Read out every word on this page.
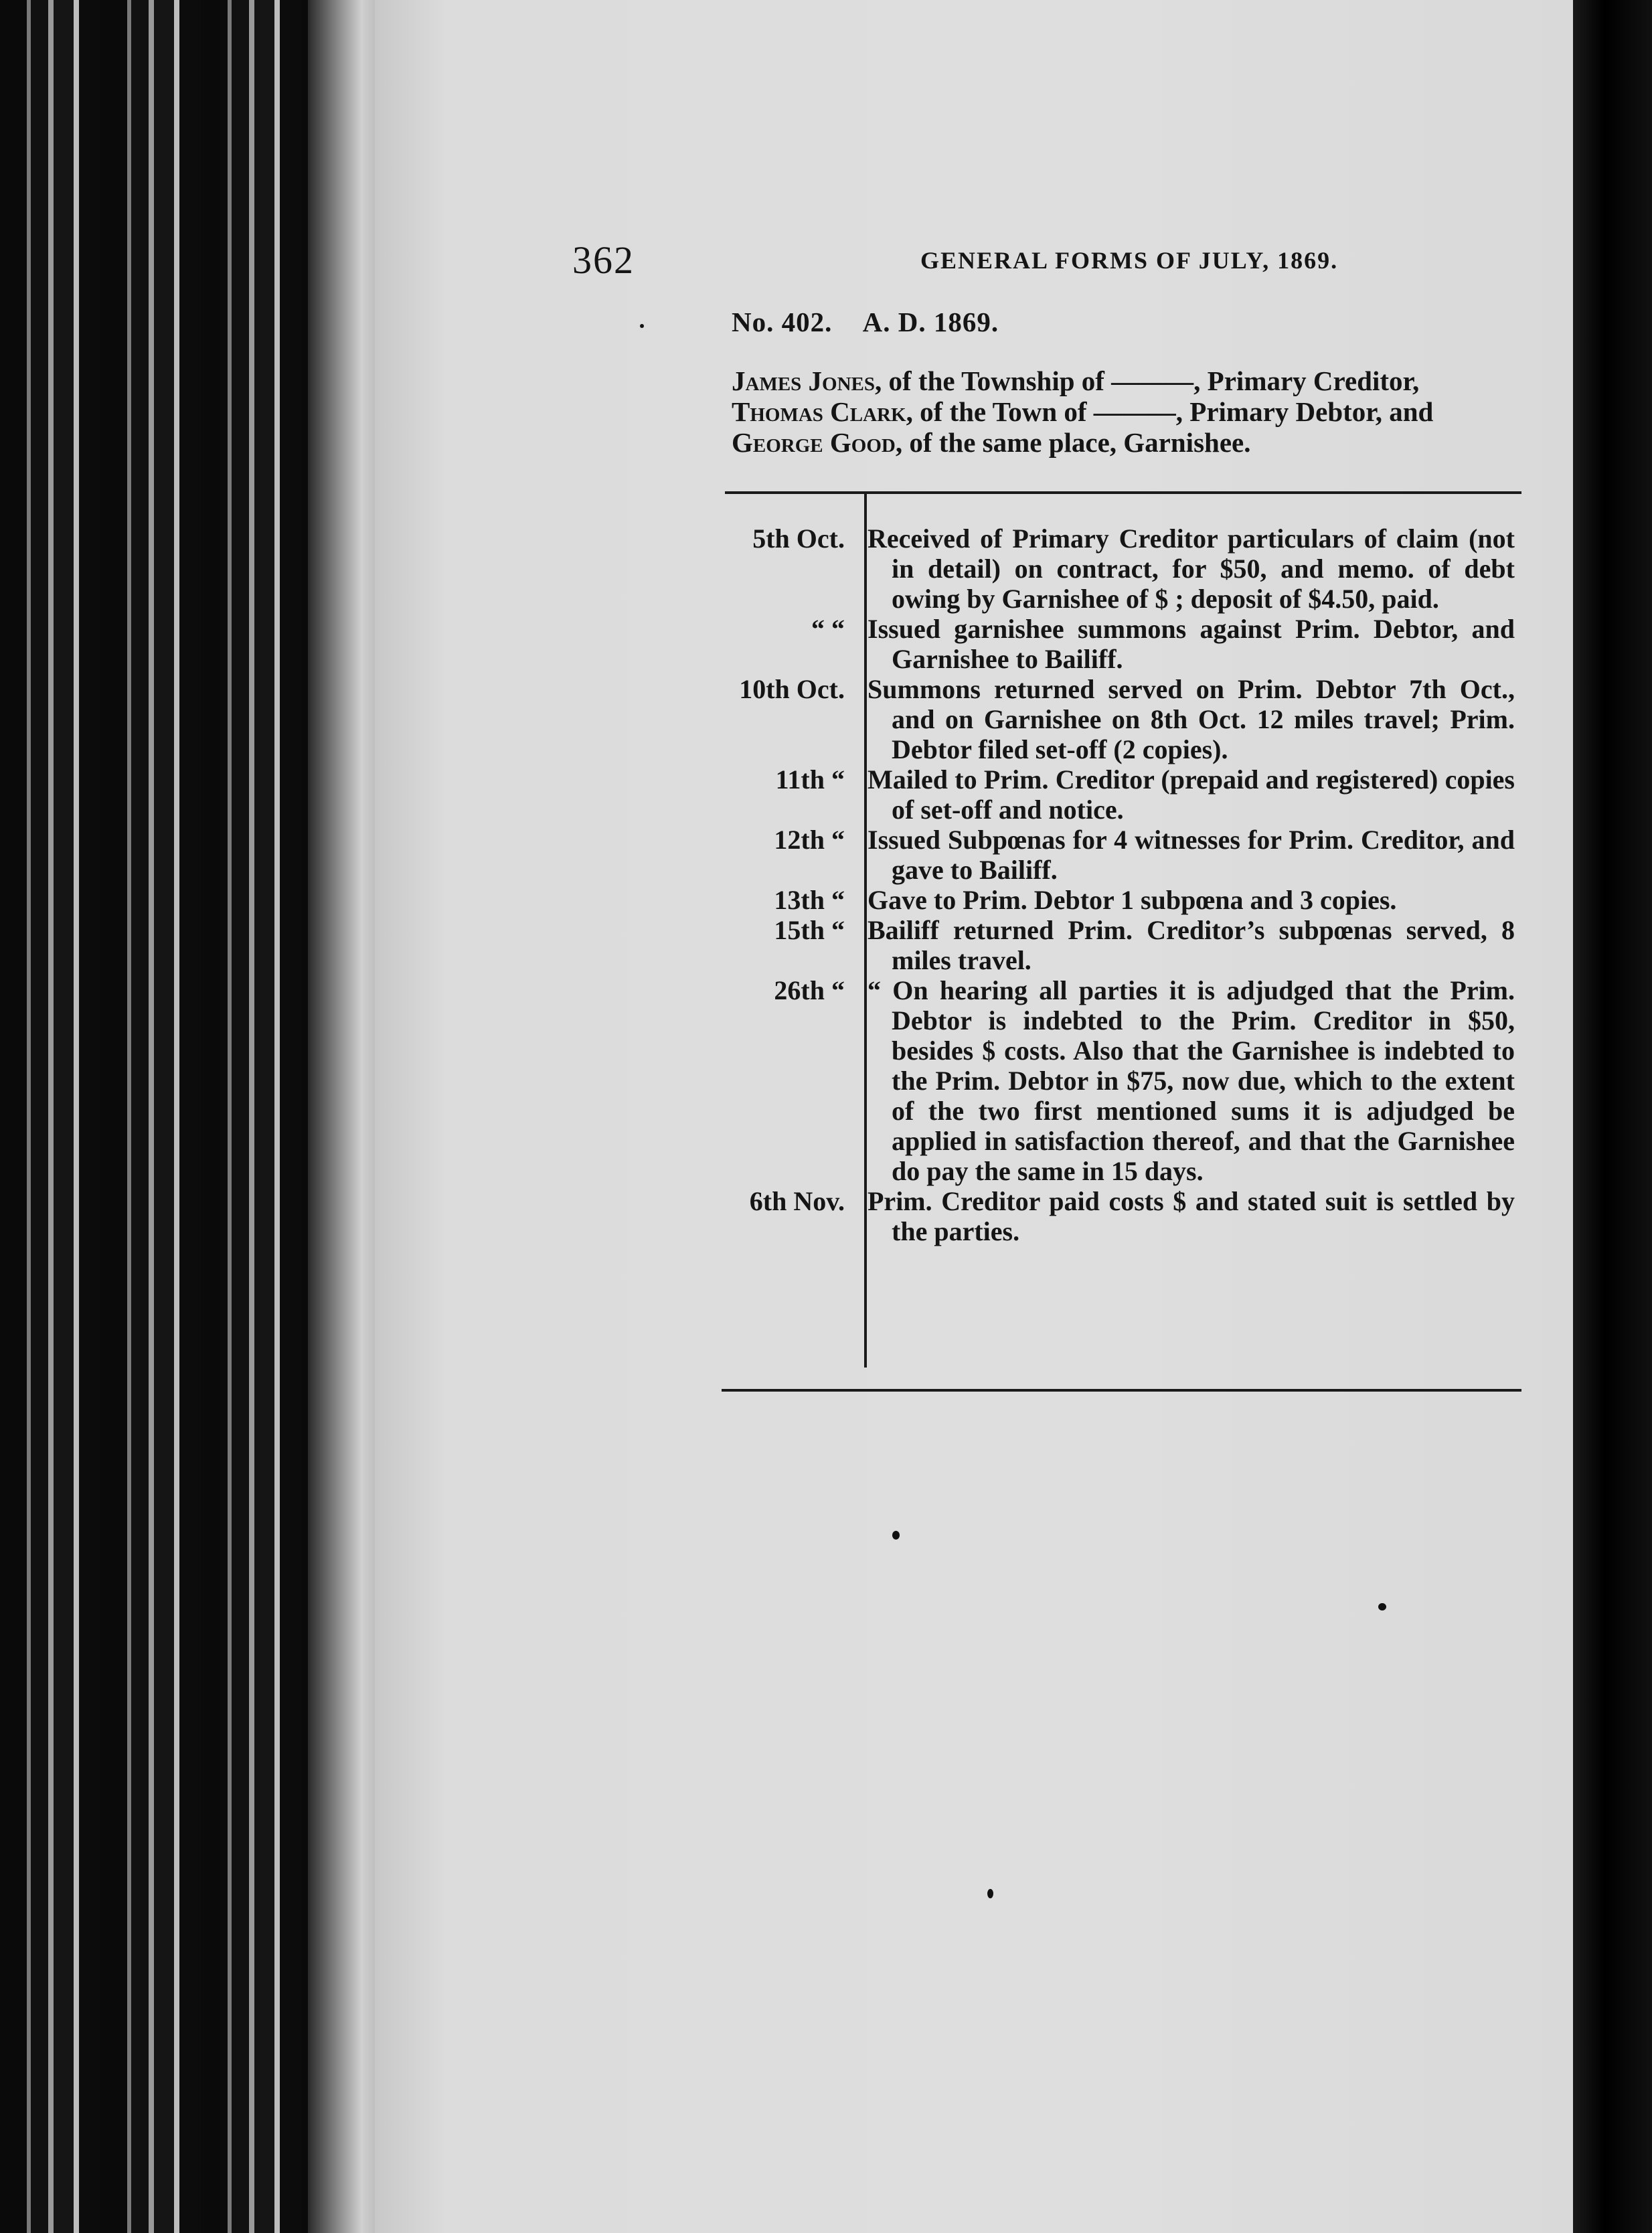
362	GENERAL FORMS OF JULY, 1869.
No. 402. A. D. 1869.
James Jones, of the Township of ———, Primary Creditor,
Thomas Clark, of the Town of ———, Primary Debtor, and
George Good, of the same place, Garnishee.
5th Oct. Received of Primary Creditor particulars of claim (not in detail) on contract, for $50, and memo. of debt owing by Garnishee of $ ; deposit of $4.50, paid.
“ “ Issued garnishee summons against Prim. Debtor, and Garnishee to Bailiff.
10th Oct. Summons returned served on Prim. Debtor 7th Oct., and on Garnishee on 8th Oct. 12 miles travel; Prim. Debtor filed set-off (2 copies).
11th “ Mailed to Prim. Creditor (prepaid and registered) copies of set-off and notice.
12th “ Issued Subpœnas for 4 witnesses for Prim. Creditor, and gave to Bailiff.
13th “ Gave to Prim. Debtor 1 subpœna and 3 copies.
15th “ Bailiff returned Prim. Creditor’s subpœnas served, 8 miles travel.
26th “ “ On hearing all parties it is adjudged that the Prim. Debtor is indebted to the Prim. Creditor in $50, besides $ costs. Also that the Garnishee is indebted to the Prim. Debtor in $75, now due, which to the extent of the two first mentioned sums it is adjudged be applied in satisfaction thereof, and that the Garnishee do pay the same in 15 days.
6th Nov. Prim. Creditor paid costs $ and stated suit is settled by the parties.
